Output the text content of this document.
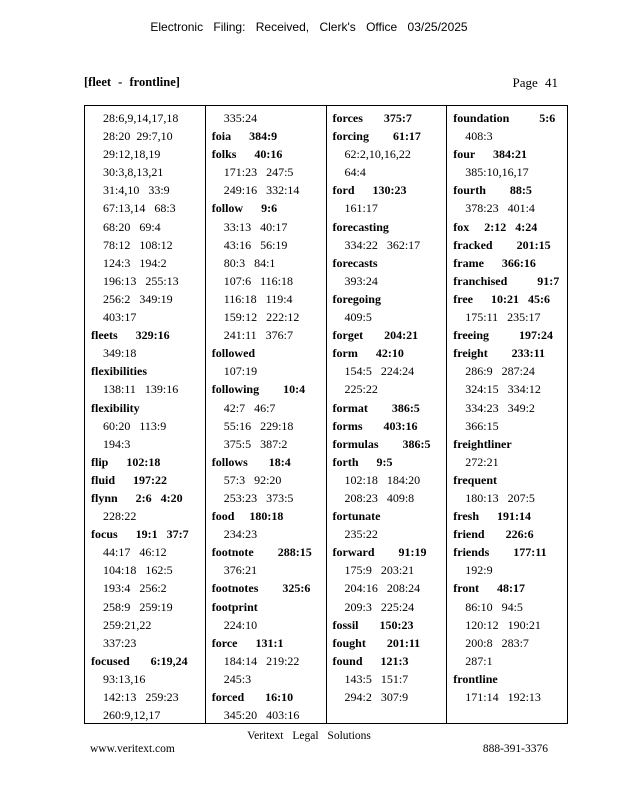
Electronic Filing: Received, Clerk's Office 03/25/2025
[fleet - frontline]	Page 41
28:6,9,14,17,18
28:20  29:7,10
29:12,18,19
30:3,8,13,21
31:4,10   33:9
67:13,14   68:3
68:20   69:4
78:12   108:12
124:3   194:2
196:13   255:13
256:2   349:19
403:17
fleets      329:16
349:18
flexibilities
138:11   139:16
flexibility
60:20   113:9
194:3
flip      102:18
fluid      197:22
flynn      2:6   4:20
228:22
focus      19:1   37:7
44:17   46:12
104:18   162:5
193:4   256:2
258:9   259:19
259:21,22
337:23
focused       6:19,24
93:13,16
142:13   259:23
260:9,12,17
335:24
foia      384:9
folks      40:16
171:23   247:5
249:16   332:14
follow      9:6
33:13   40:17
43:16   56:19
80:3   84:1
107:6   116:18
116:18   119:4
159:12   222:12
241:11   376:7
followed
107:19
following        10:4
42:7   46:7
55:16   229:18
375:5   387:2
follows       18:4
57:3   92:20
253:23   373:5
food     180:18
234:23
footnote        288:15
376:21
footnotes        325:6
footprint
224:10
force      131:1
184:14   219:22
245:3
forced       16:10
345:20   403:16
forces       375:7
forcing        61:17
62:2,10,16,22
64:4
ford      130:23
161:17
forecasting
334:22   362:17
forecasts
393:24
foregoing
409:5
forget       204:21
form      42:10
154:5   224:24
225:22
format        386:5
forms       403:16
formulas        386:5
forth      9:5
102:18   184:20
208:23   409:8
fortunate
235:22
forward        91:19
175:9   203:21
204:16   208:24
209:3   225:24
fossil       150:23
fought       201:11
found      121:3
143:5   151:7
294:2   307:9
foundation          5:6
408:3
four      384:21
385:10,16,17
fourth        88:5
378:23   401:4
fox     2:12   4:24
fracked        201:15
frame      366:16
franchised          91:7
free      10:21   45:6
175:11   235:17
freeing          197:24
freight        233:11
286:9   287:24
324:15   334:12
334:23   349:2
366:15
freightliner
272:21
frequent
180:13   207:5
fresh      191:14
friend       226:6
friends        177:11
192:9
front      48:17
86:10   94:5
120:12   190:21
200:8   283:7
287:1
frontline
171:14   192:13
Veritext Legal Solutions
www.veritext.com	888-391-3376
